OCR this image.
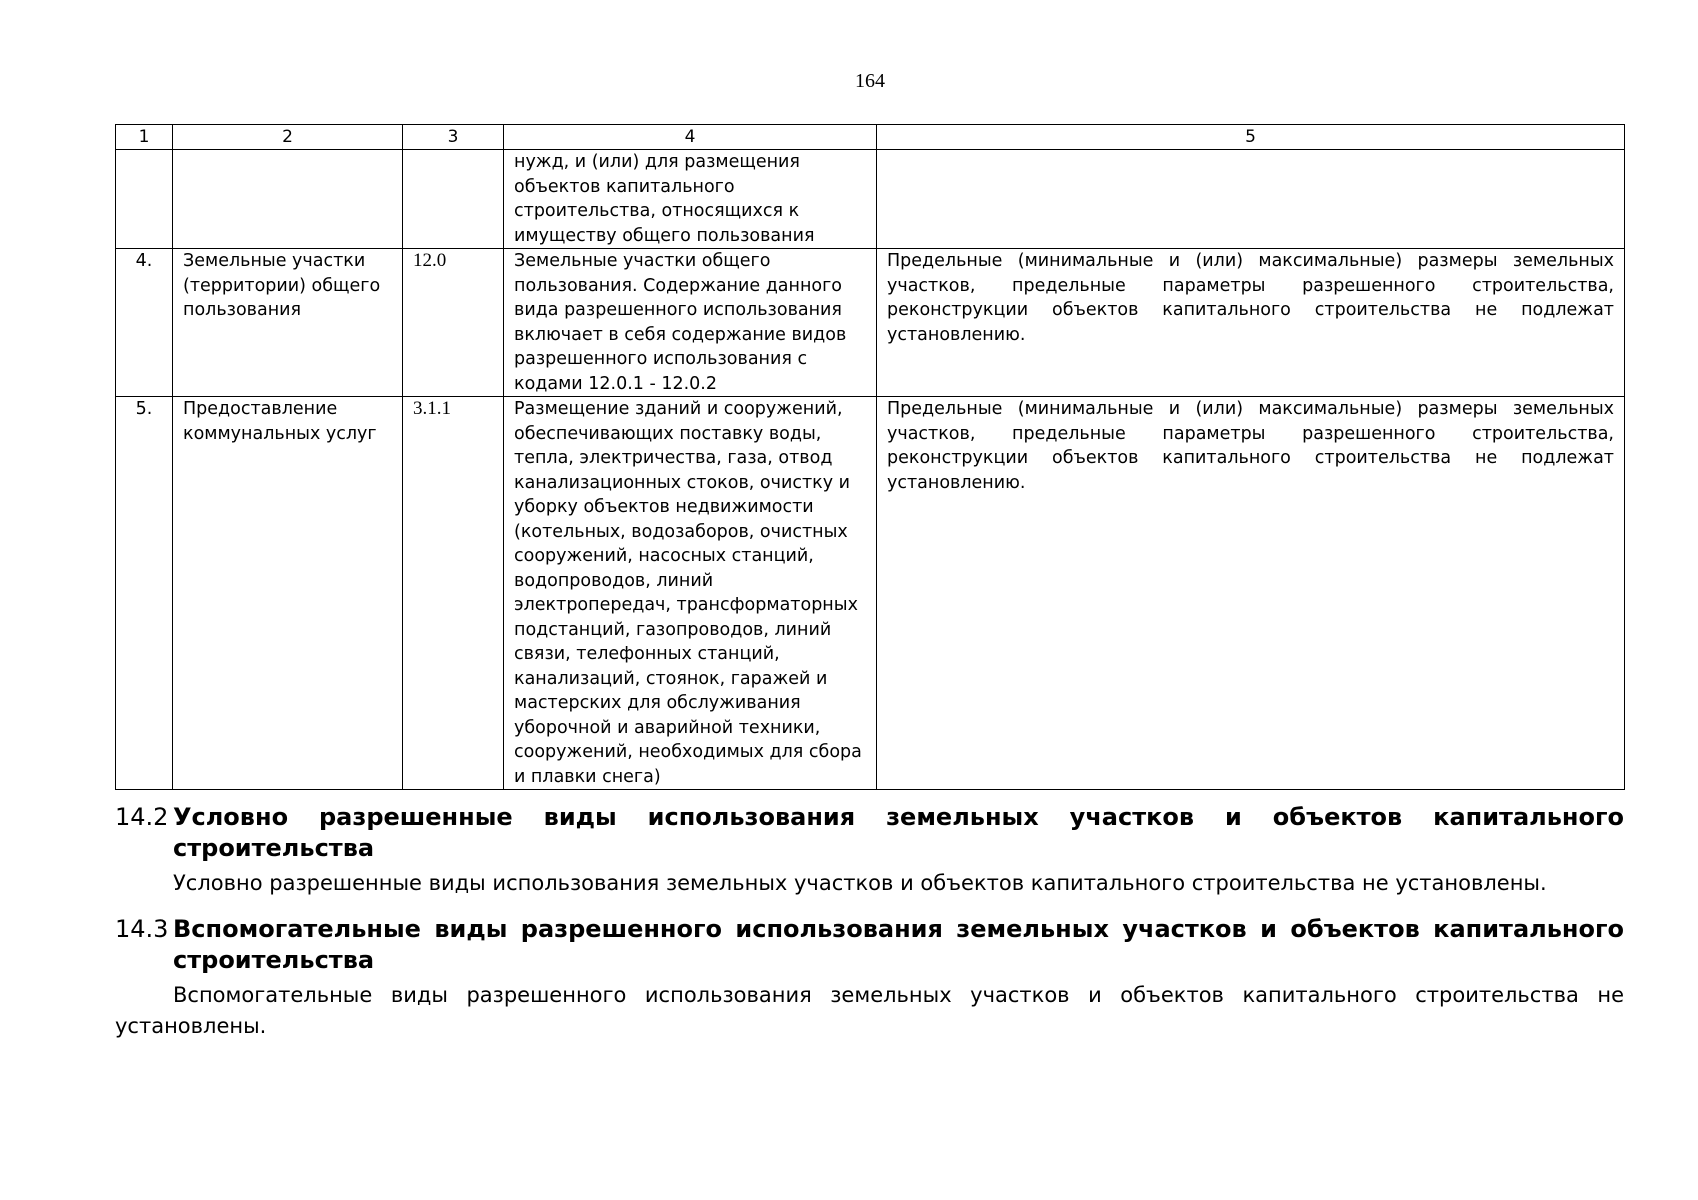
164
1	2	3	4	5
			нужд, и (или) для размещения объектов капитального строительства, относящихся к имуществу общего пользования	
4.	Земельные участки (территории) общего пользования	12.0	Земельные участки общего пользования. Содержание данного вида разрешенного использования включает в себя содержание видов разрешенного использования с кодами 12.0.1 - 12.0.2	Предельные (минимальные и (или) максимальные) размеры земельных участков, предельные параметры разрешенного строительства, реконструкции объектов капитального строительства не подлежат установлению.
5.	Предоставление коммунальных услуг	3.1.1	Размещение зданий и сооружений, обеспечивающих поставку воды, тепла, электричества, газа, отвод канализационных стоков, очистку и уборку объектов недвижимости (котельных, водозаборов, очистных сооружений, насосных станций, водопроводов, линий электропередач, трансформаторных подстанций, газопроводов, линий связи, телефонных станций, канализаций, стоянок, гаражей и мастерских для обслуживания уборочной и аварийной техники, сооружений, необходимых для сбора и плавки снега)	Предельные (минимальные и (или) максимальные) размеры земельных участков, предельные параметры разрешенного строительства, реконструкции объектов капитального строительства не подлежат установлению.
14.2 Условно разрешенные виды использования земельных участков и объектов капитального строительства
Условно разрешенные виды использования земельных участков и объектов капитального строительства не установлены.
14.3 Вспомогательные виды разрешенного использования земельных участков и объектов капитального строительства
Вспомогательные виды разрешенного использования земельных участков и объектов капитального строительства не установлены.
